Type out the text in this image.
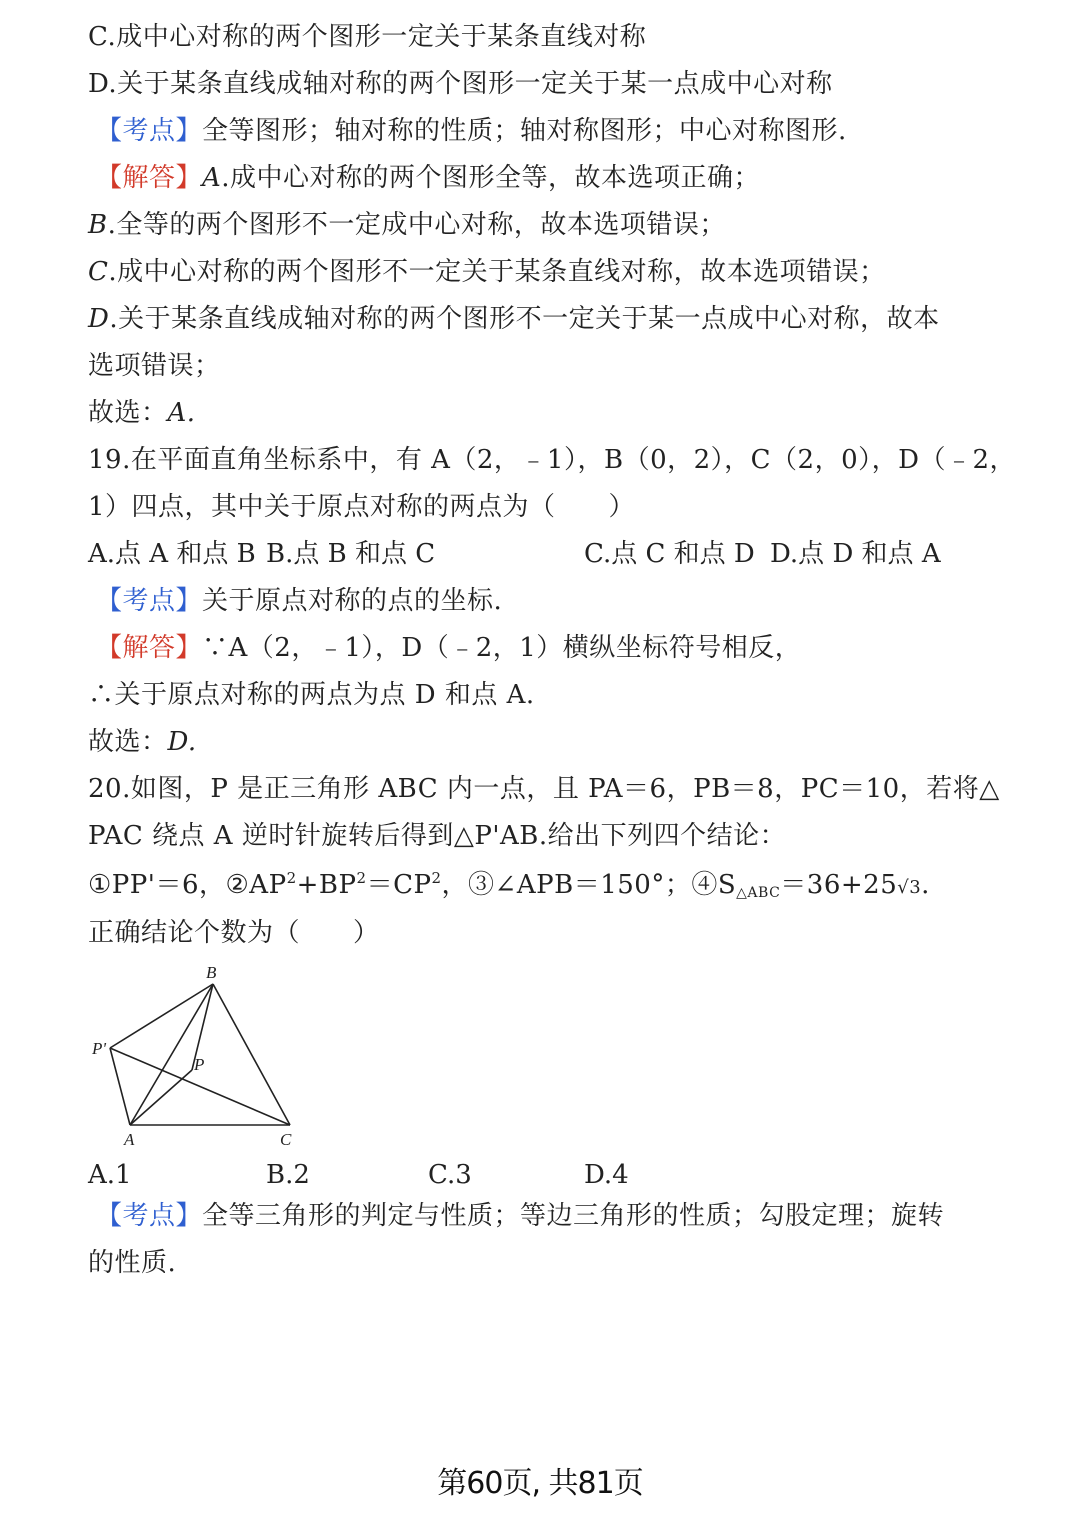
C.成中心对称的两个图形一定关于某条直线对称
D.关于某条直线成轴对称的两个图形一定关于某一点成中心对称
【考点】全等图形；轴对称的性质；轴对称图形；中心对称图形.
【解答】A.成中心对称的两个图形全等，故本选项正确；
B.全等的两个图形不一定成中心对称，故本选项错误；
C.成中心对称的两个图形不一定关于某条直线对称，故本选项错误；
D.关于某条直线成轴对称的两个图形不一定关于某一点成中心对称，故本
选项错误；
故选：A.
19.在平面直角坐标系中，有 A（2，﹣1），B（0，2），C（2，0），D（﹣2，
1）四点，其中关于原点对称的两点为（　　）
A.点 A 和点 B B.点 B 和点 C	C.点 C 和点 D D.点 D 和点 A
【考点】关于原点对称的点的坐标.
【解答】∵A（2，﹣1），D（﹣2，1）横纵坐标符号相反，
∴关于原点对称的两点为点 D 和点 A.
故选：D.
20.如图，P 是正三角形 ABC 内一点，且 PA＝6，PB＝8，PC＝10，若将△
PAC 绕点 A 逆时针旋转后得到△P'AB.给出下列四个结论：
①PP'＝6，$②AP^2+BP^2=CP^2$，③∠APB＝150°；$④S_{\triangle ABC}=36+25√3$.
正确结论个数为（　　）
B
P'
P
A	C
A.1	B.2	C.3	D.4
【考点】全等三角形的判定与性质；等边三角形的性质；勾股定理；旋转
的性质.
第60页, 共81页
